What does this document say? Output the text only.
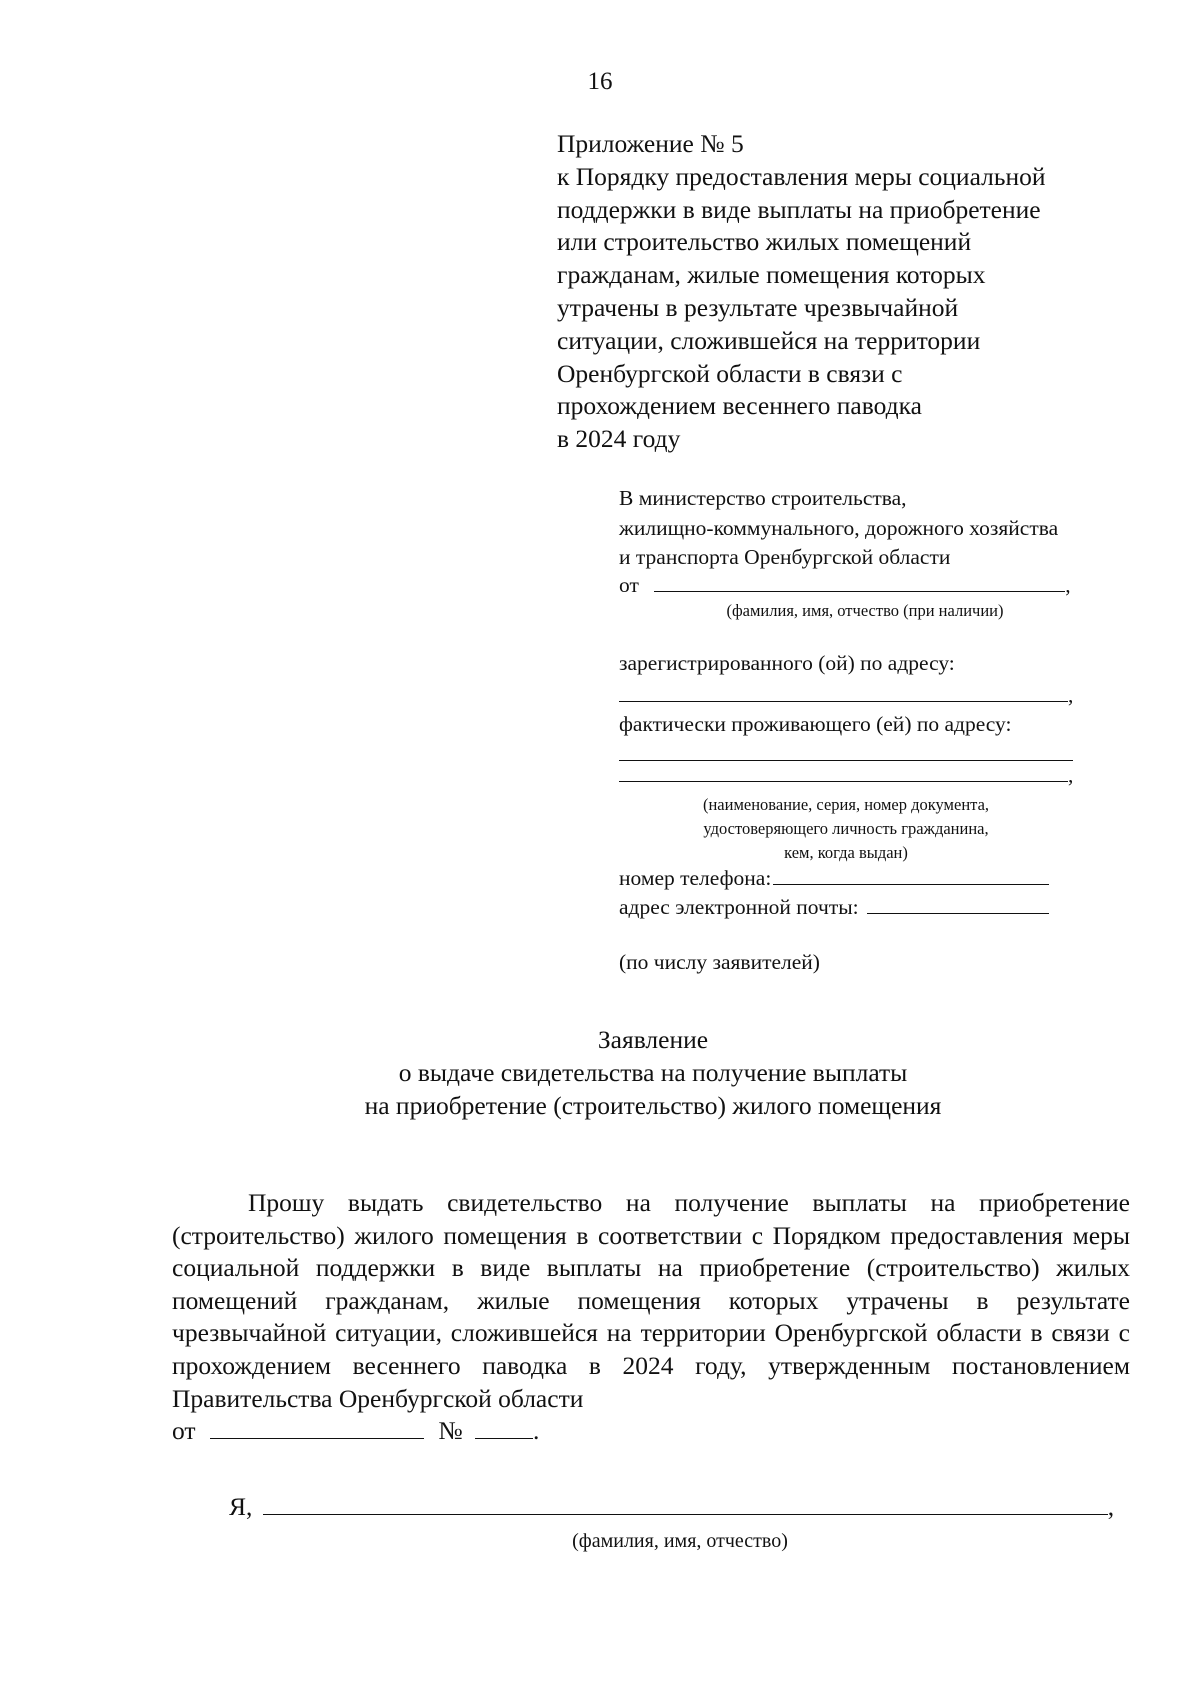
16
Приложение № 5
к Порядку предоставления меры социальной
поддержки в виде выплаты на приобретение
или строительство жилых помещений
гражданам, жилые помещения которых
утрачены в результате чрезвычайной
ситуации, сложившейся на территории
Оренбургской области в связи с
прохождением весеннего паводка
в 2024 году
В министерство строительства,
жилищно-коммунального, дорожного хозяйства
и транспорта Оренбургской области
от	,
(фамилия, имя, отчество (при наличии)
зарегистрированного (ой) по адресу:
,
фактически проживающего (ей) по адресу:
,
(наименование, серия, номер документа,
удостоверяющего личность гражданина,
кем, когда выдан)
номер телефона:
адрес электронной почты:
(по числу заявителей)
Заявление
о выдаче свидетельства на получение выплаты
на приобретение (строительство) жилого помещения
Прошу выдать свидетельство на получение выплаты на приобретение (строительство) жилого помещения в соответствии с Порядком предоставления меры социальной поддержки в виде выплаты на приобретение (строительство) жилых помещений гражданам, жилые помещения которых утрачены в результате чрезвычайной ситуации, сложившейся на территории Оренбургской области в связи с прохождением весеннего паводка в 2024 году, утвержденным постановлением Правительства Оренбургской области
от	№	.
Я,	,
(фамилия, имя, отчество)
